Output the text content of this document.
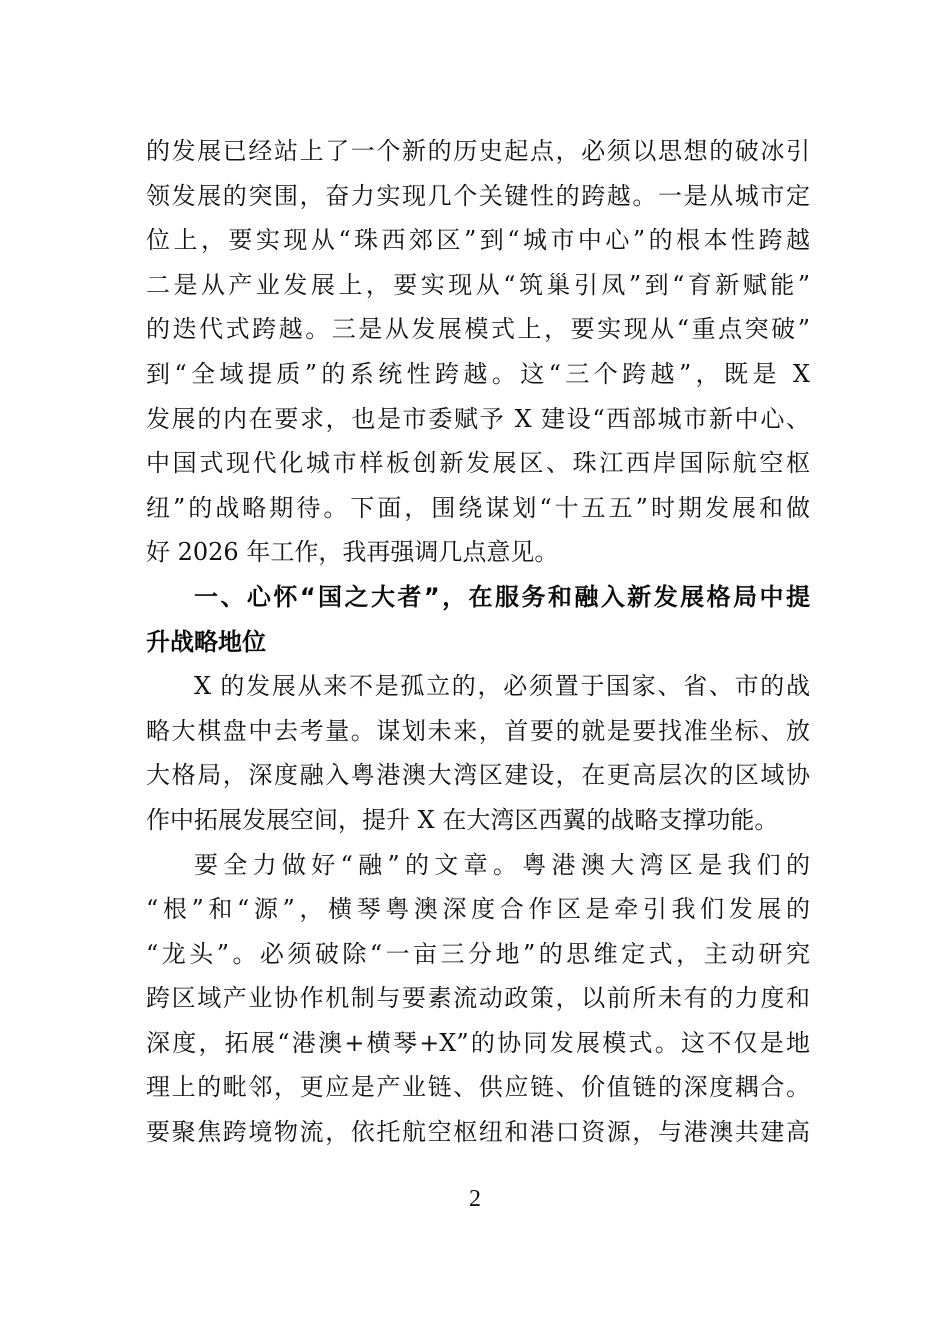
的发展已经站上了一个新的历史起点，必须以思想的破冰引
领发展的突围，奋力实现几个关键性的跨越。一是从城市定
位上，要实现从“珠西郊区”到“城市中心”的根本性跨越
二是从产业发展上，要实现从“筑巢引凤”到“育新赋能”
的迭代式跨越。三是从发展模式上，要实现从“重点突破”
到“全域提质”的系统性跨越。这“三个跨越”，既是 X
发展的内在要求，也是市委赋予 X 建设“西部城市新中心、
中国式现代化城市样板创新发展区、珠江西岸国际航空枢
纽”的战略期待。下面，围绕谋划“十五五”时期发展和做
好 2026 年工作，我再强调几点意见。
一、心怀“国之大者”，在服务和融入新发展格局中提
升战略地位
X 的发展从来不是孤立的，必须置于国家、省、市的战
略大棋盘中去考量。谋划未来，首要的就是要找准坐标、放
大格局，深度融入粤港澳大湾区建设，在更高层次的区域协
作中拓展发展空间，提升 X 在大湾区西翼的战略支撑功能。
要全力做好“融”的文章。粤港澳大湾区是我们的
“根”和“源”，横琴粤澳深度合作区是牵引我们发展的
“龙头”。必须破除“一亩三分地”的思维定式，主动研究
跨区域产业协作机制与要素流动政策，以前所未有的力度和
深度，拓展“港澳+横琴+X”的协同发展模式。这不仅是地
理上的毗邻，更应是产业链、供应链、价值链的深度耦合。
要聚焦跨境物流，依托航空枢纽和港口资源，与港澳共建高
2
